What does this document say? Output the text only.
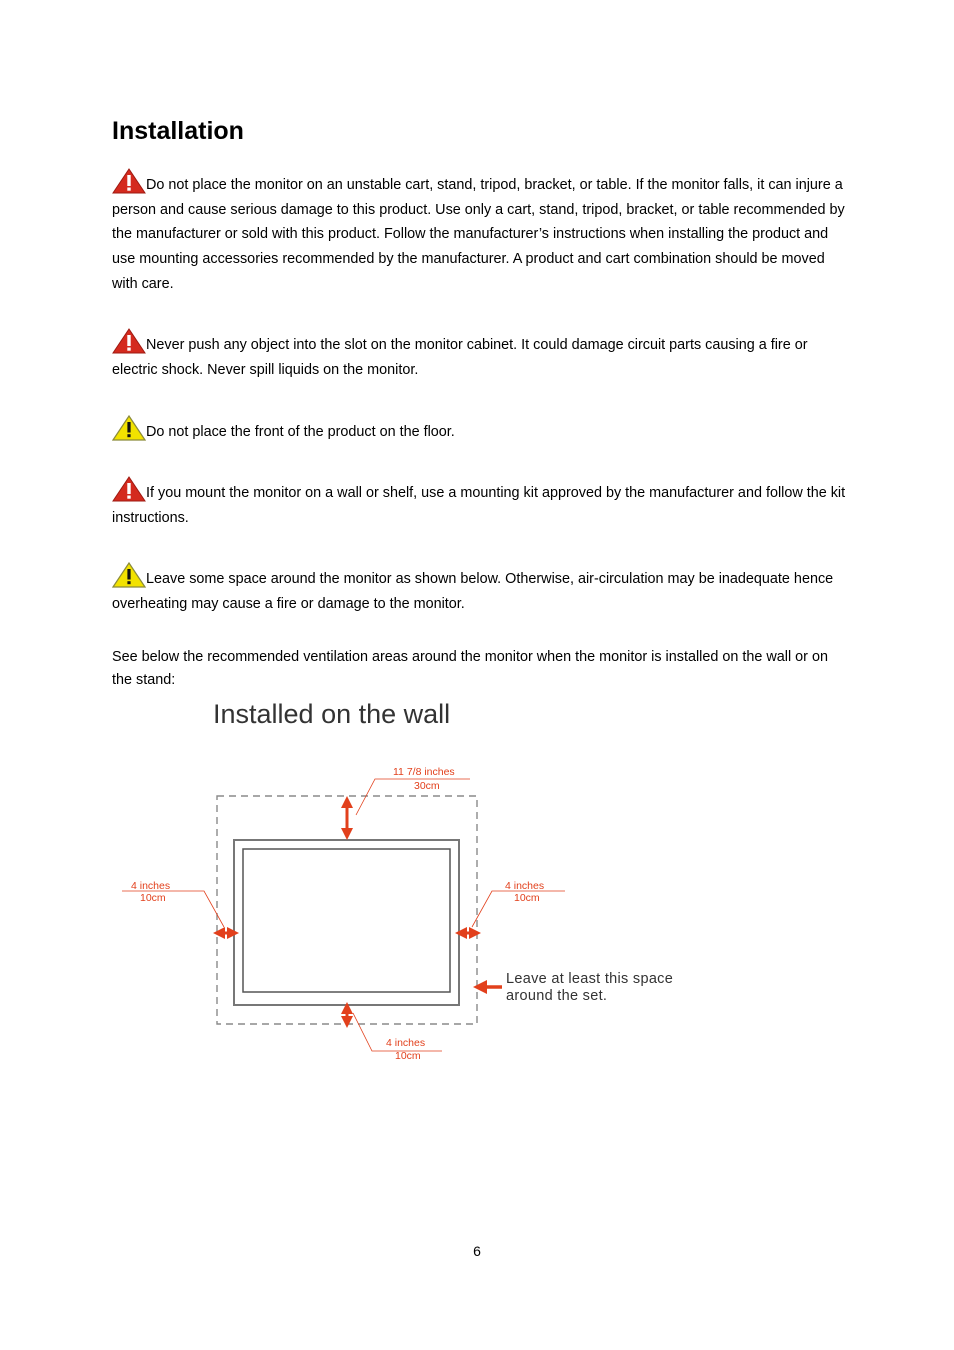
Installation

Do not place the monitor on an unstable cart, stand, tripod, bracket, or table. If the monitor falls, it can injure a person and cause serious damage to this product. Use only a cart, stand, tripod, bracket, or table recommended by the manufacturer or sold with this product. Follow the manufacturer’s instructions when installing the product and use mounting accessories recommended by the manufacturer. A product and cart combination should be moved with care.

Never push any object into the slot on the monitor cabinet. It could damage circuit parts causing a fire or electric shock. Never spill liquids on the monitor.

Do not place the front of the product on the floor.

If you mount the monitor on a wall or shelf, use a mounting kit approved by the manufacturer and follow the kit instructions.

Leave some space around the monitor as shown below. Otherwise, air-circulation may be inadequate hence overheating may cause a fire or damage to the monitor.

See below the recommended ventilation areas around the monitor when the monitor is installed on the wall or on the stand:

Installed on the wall
11 7/8 inches
30cm
4 inches
10cm
4 inches
10cm
4 inches
10cm
Leave at least this space
around the set.
6
